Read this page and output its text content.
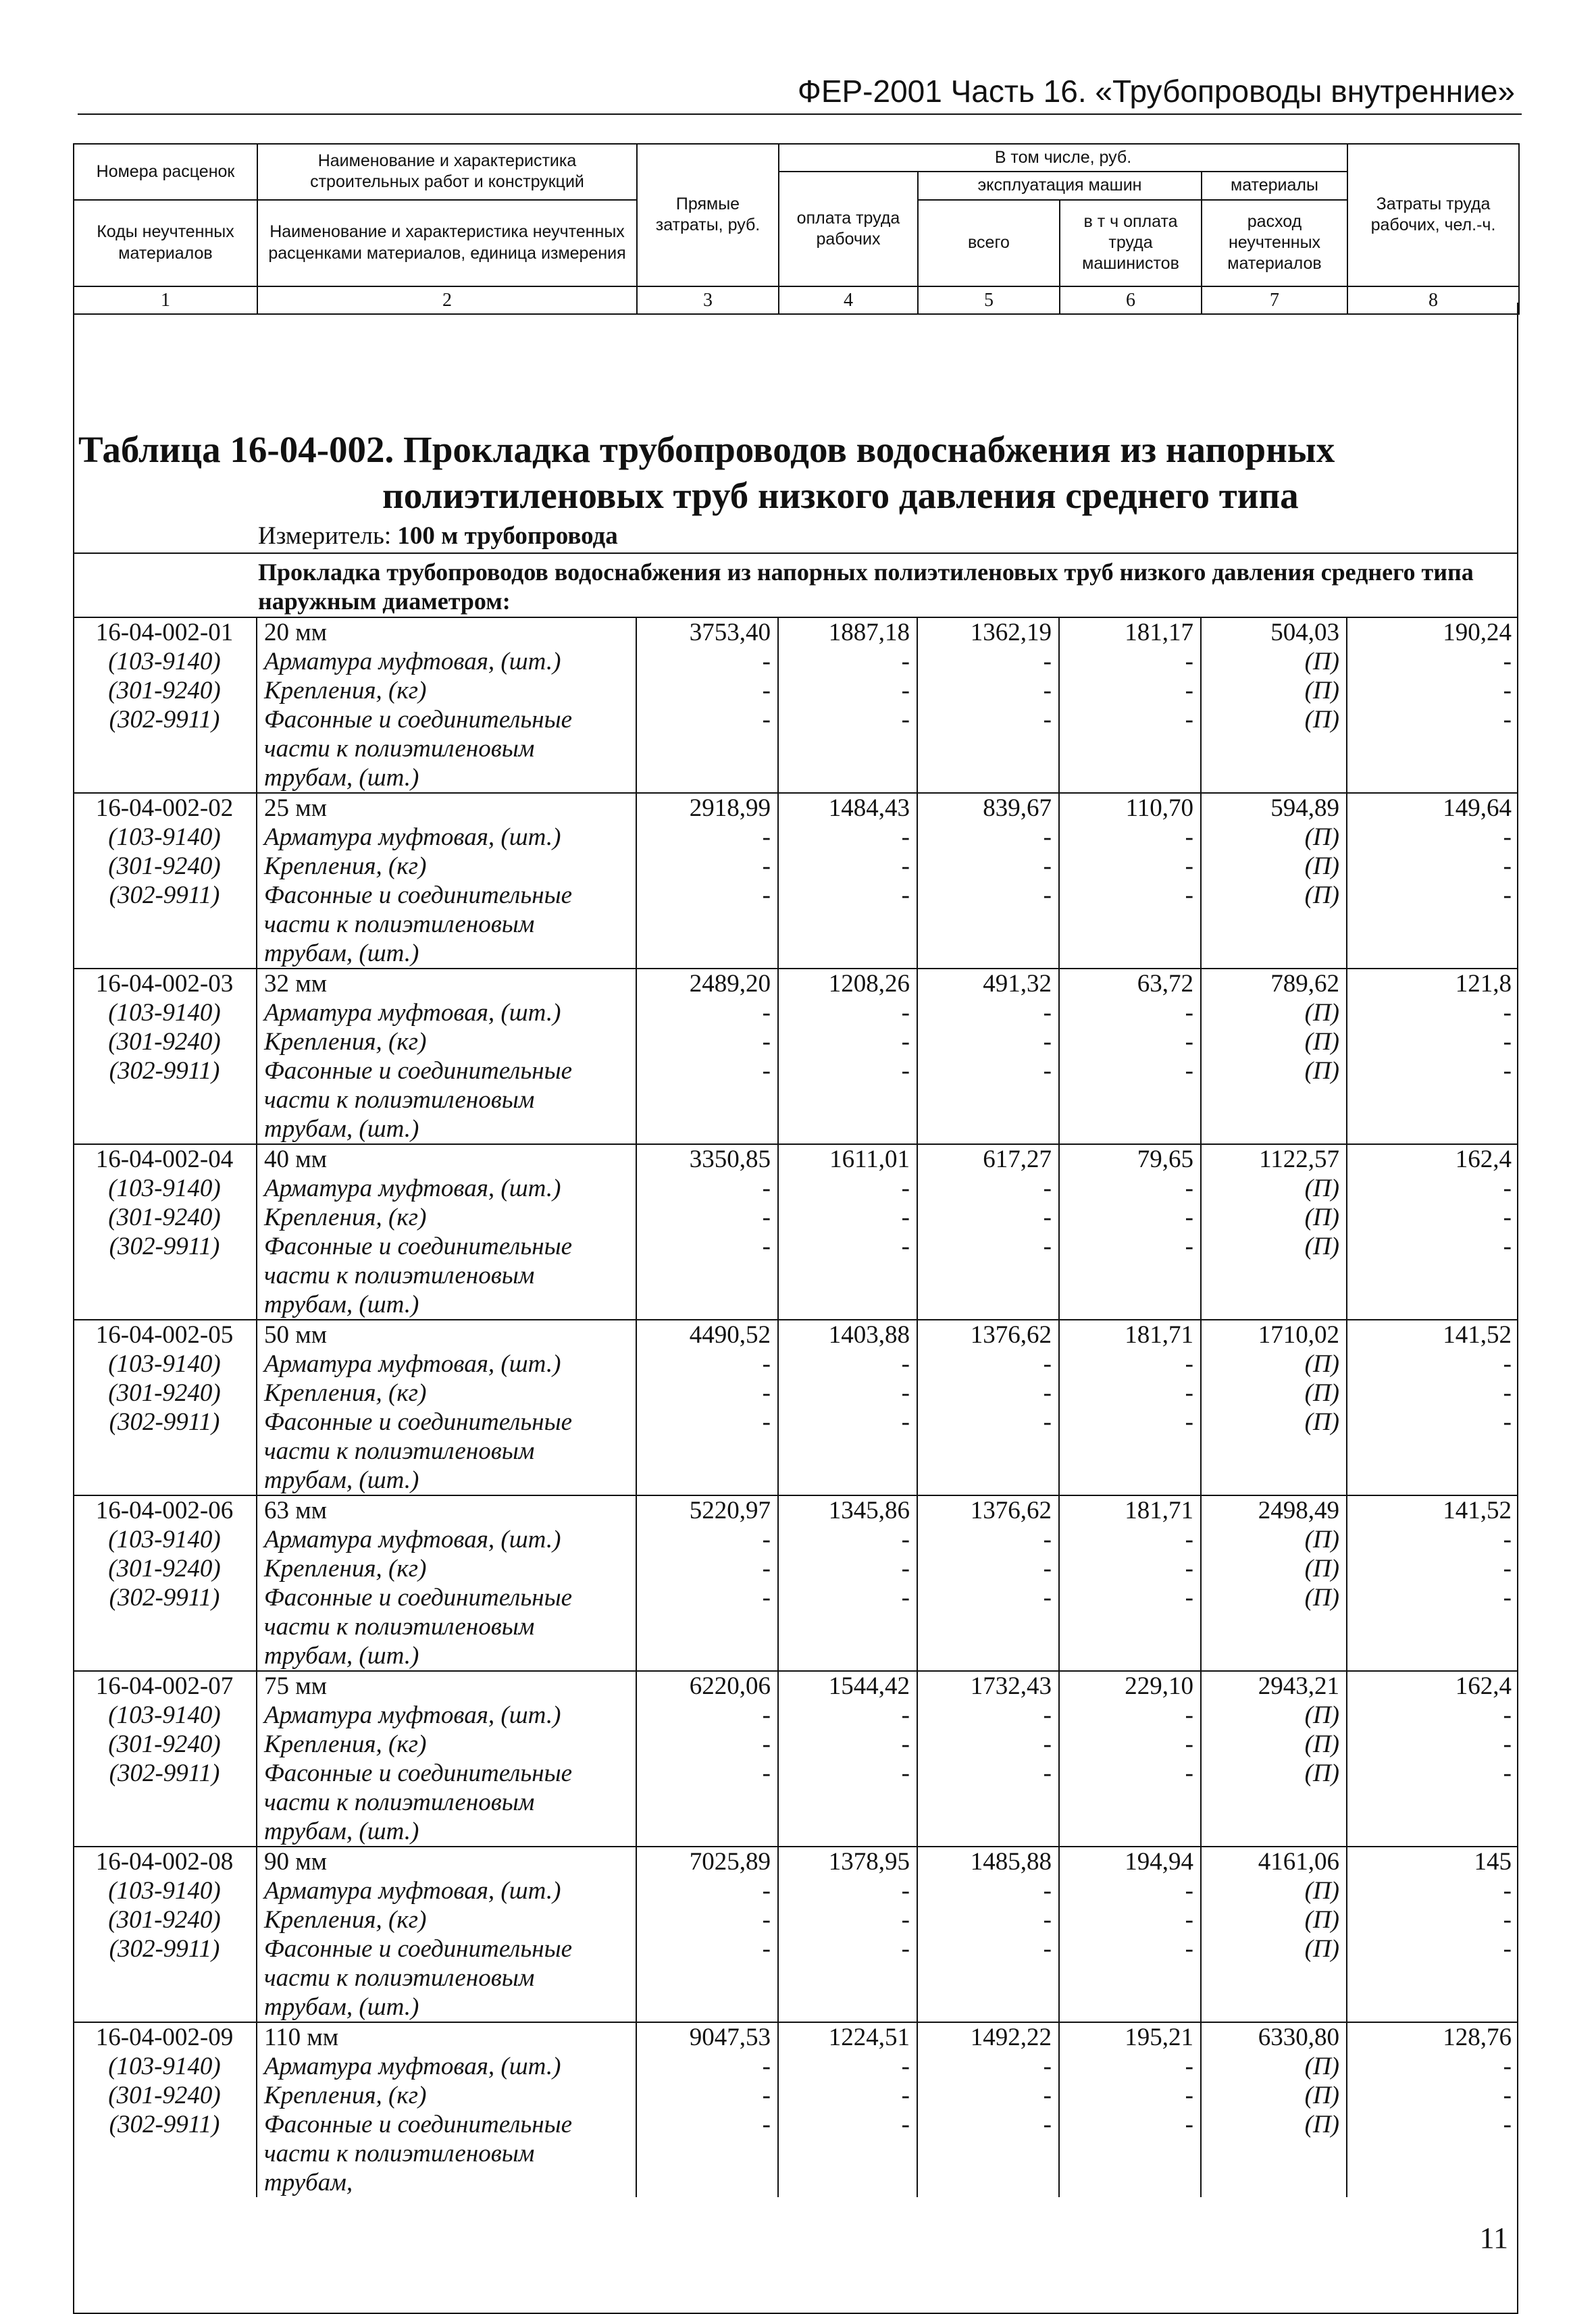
ФЕР-2001 Часть 16. «Трубопроводы внутренние»
Номера расценок	Наименование и характеристика строительных работ и конструкций	Прямые затраты, руб.	В том числе, руб.				Затраты труда рабочих, чел.-ч.
			оплата труда рабочих	эксплуатация машин		материалы	
Коды неучтенных материалов	Наименование и характеристика неучтенных расценками материалов, единица измерения			всего	в т ч оплата труда машинистов	расход неучтенных материалов	

1	2	3	4	5	6	7	8
Таблица 16-04-002. Прокладка трубопроводов водоснабжения из напорных
полиэтиленовых труб низкого давления среднего типа
Измеритель: 100 м трубопровода
Прокладка трубопроводов водоснабжения из напорных полиэтиленовых труб низкого давления среднего типа наружным диаметром:
16-04-002-01	20 мм	3753,40	1887,18	1362,19	181,17	504,03	190,24
(103-9140)	Арматура муфтовая, (шт.)	-	-	-	-	(П)	-
(301-9240)	Крепления, (кг)	-	-	-	-	(П)	-
(302-9911)	Фасонные и соединительные части к полиэтиленовым трубам, (шт.)	-	-	-	-	(П)	-
16-04-002-02	25 мм	2918,99	1484,43	839,67	110,70	594,89	149,64
(103-9140)	Арматура муфтовая, (шт.)	-	-	-	-	(П)	-
(301-9240)	Крепления, (кг)	-	-	-	-	(П)	-
(302-9911)	Фасонные и соединительные части к полиэтиленовым трубам, (шт.)	-	-	-	-	(П)	-
16-04-002-03	32 мм	2489,20	1208,26	491,32	63,72	789,62	121,8
(103-9140)	Арматура муфтовая, (шт.)	-	-	-	-	(П)	-
(301-9240)	Крепления, (кг)	-	-	-	-	(П)	-
(302-9911)	Фасонные и соединительные части к полиэтиленовым трубам, (шт.)	-	-	-	-	(П)	-
16-04-002-04	40 мм	3350,85	1611,01	617,27	79,65	1122,57	162,4
(103-9140)	Арматура муфтовая, (шт.)	-	-	-	-	(П)	-
(301-9240)	Крепления, (кг)	-	-	-	-	(П)	-
(302-9911)	Фасонные и соединительные части к полиэтиленовым трубам, (шт.)	-	-	-	-	(П)	-
16-04-002-05	50 мм	4490,52	1403,88	1376,62	181,71	1710,02	141,52
(103-9140)	Арматура муфтовая, (шт.)	-	-	-	-	(П)	-
(301-9240)	Крепления, (кг)	-	-	-	-	(П)	-
(302-9911)	Фасонные и соединительные части к полиэтиленовым трубам, (шт.)	-	-	-	-	(П)	-
16-04-002-06	63 мм	5220,97	1345,86	1376,62	181,71	2498,49	141,52
(103-9140)	Арматура муфтовая, (шт.)	-	-	-	-	(П)	-
(301-9240)	Крепления, (кг)	-	-	-	-	(П)	-
(302-9911)	Фасонные и соединительные части к полиэтиленовым трубам, (шт.)	-	-	-	-	(П)	-
16-04-002-07	75 мм	6220,06	1544,42	1732,43	229,10	2943,21	162,4
(103-9140)	Арматура муфтовая, (шт.)	-	-	-	-	(П)	-
(301-9240)	Крепления, (кг)	-	-	-	-	(П)	-
(302-9911)	Фасонные и соединительные части к полиэтиленовым трубам, (шт.)	-	-	-	-	(П)	-
16-04-002-08	90 мм	7025,89	1378,95	1485,88	194,94	4161,06	145
(103-9140)	Арматура муфтовая, (шт.)	-	-	-	-	(П)	-
(301-9240)	Крепления, (кг)	-	-	-	-	(П)	-
(302-9911)	Фасонные и соединительные части к полиэтиленовым трубам, (шт.)	-	-	-	-	(П)	-
16-04-002-09	110 мм	9047,53	1224,51	1492,22	195,21	6330,80	128,76
(103-9140)	Арматура муфтовая, (шт.)	-	-	-	-	(П)	-
(301-9240)	Крепления, (кг)	-	-	-	-	(П)	-
(302-9911)	Фасонные и соединительные части к полиэтиленовым трубам,	-	-	-	-	(П)	-
11
